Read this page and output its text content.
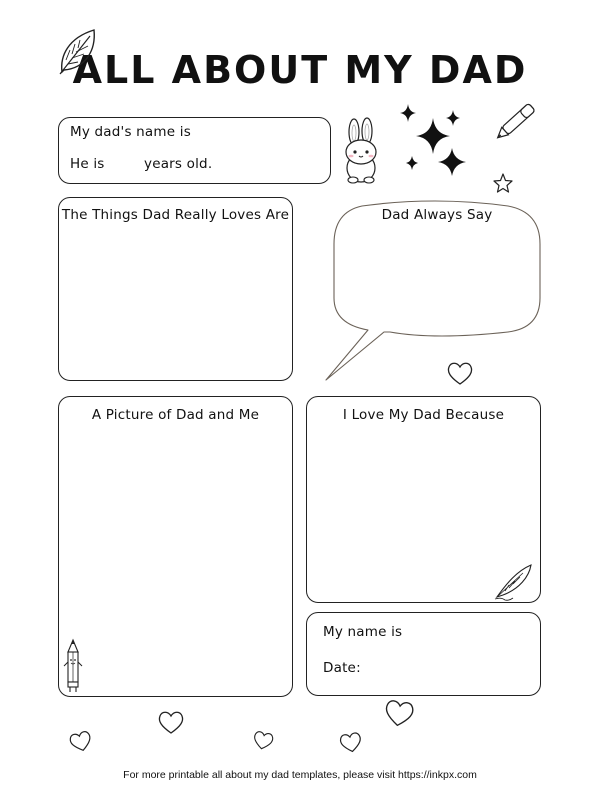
ALL ABOUT MY DAD
My dad's name is
He is	years old.
The Things Dad Really Loves Are	Dad Always Say
A Picture of Dad and Me	I Love My Dad Because
My name is
Date:
For more printable all about my dad templates, please visit https://inkpx.com
